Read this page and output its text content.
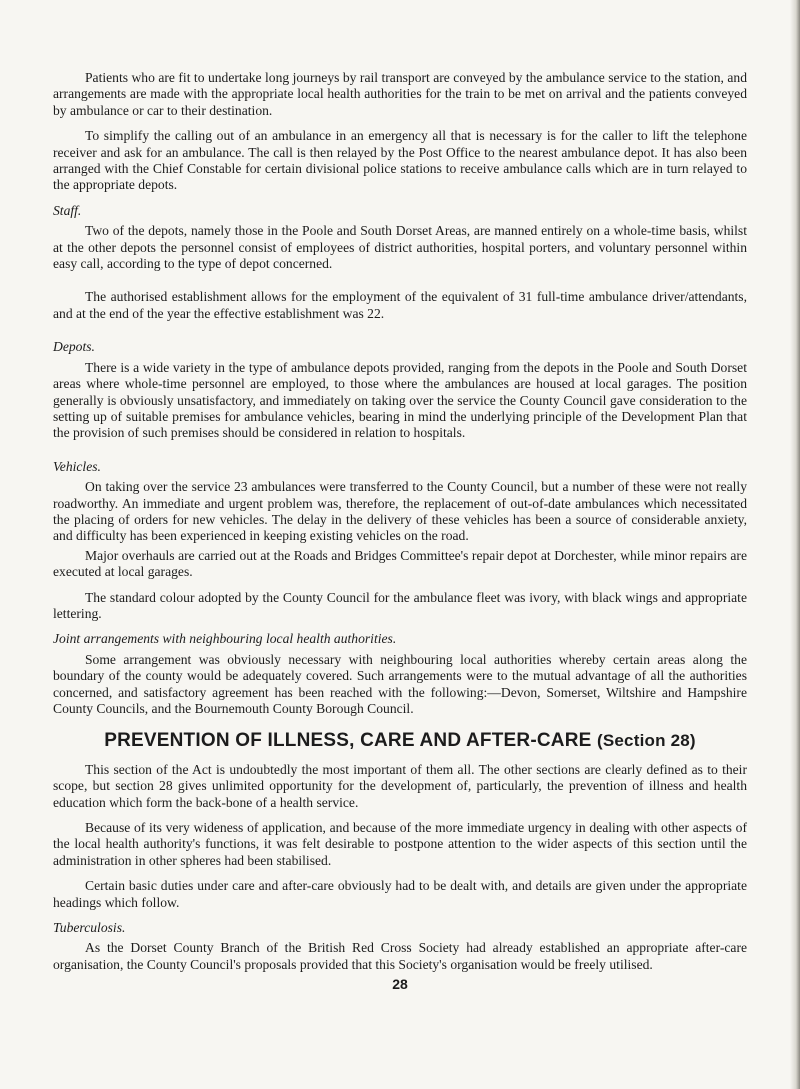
Patients who are fit to undertake long journeys by rail transport are conveyed by the ambulance service to the station, and arrangements are made with the appropriate local health authorities for the train to be met on arrival and the patients conveyed by ambulance or car to their destination.

To simplify the calling out of an ambulance in an emergency all that is necessary is for the caller to lift the telephone receiver and ask for an ambulance. The call is then relayed by the Post Office to the nearest ambulance depot. It has also been arranged with the Chief Constable for certain divisional police stations to receive ambulance calls which are in turn relayed to the appropriate depots.

Staff.

Two of the depots, namely those in the Poole and South Dorset Areas, are manned entirely on a whole-time basis, whilst at the other depots the personnel consist of employees of district authorities, hospital porters, and voluntary personnel within easy call, according to the type of depot concerned.

The authorised establishment allows for the employment of the equivalent of 31 full-time ambulance driver/attendants, and at the end of the year the effective establishment was 22.

Depots.

There is a wide variety in the type of ambulance depots provided, ranging from the depots in the Poole and South Dorset areas where whole-time personnel are employed, to those where the ambulances are housed at local garages. The position generally is obviously unsatisfactory, and immediately on taking over the service the County Council gave consideration to the setting up of suitable premises for ambulance vehicles, bearing in mind the underlying principle of the Development Plan that the provision of such premises should be considered in relation to hospitals.

Vehicles.

On taking over the service 23 ambulances were transferred to the County Council, but a number of these were not really roadworthy. An immediate and urgent problem was, therefore, the replacement of out-of-date ambulances which necessitated the placing of orders for new vehicles. The delay in the delivery of these vehicles has been a source of considerable anxiety, and difficulty has been experienced in keeping existing vehicles on the road.

Major overhauls are carried out at the Roads and Bridges Committee's repair depot at Dorchester, while minor repairs are executed at local garages.

The standard colour adopted by the County Council for the ambulance fleet was ivory, with black wings and appropriate lettering.

Joint arrangements with neighbouring local health authorities.

Some arrangement was obviously necessary with neighbouring local authorities whereby certain areas along the boundary of the county would be adequately covered. Such arrangements were to the mutual advantage of all the authorities concerned, and satisfactory agreement has been reached with the following:—Devon, Somerset, Wiltshire and Hampshire County Councils, and the Bournemouth County Borough Council.

PREVENTION OF ILLNESS, CARE AND AFTER-CARE (Section 28)

This section of the Act is undoubtedly the most important of them all. The other sections are clearly defined as to their scope, but section 28 gives unlimited opportunity for the development of, particularly, the prevention of illness and health education which form the back-bone of a health service.

Because of its very wideness of application, and because of the more immediate urgency in dealing with other aspects of the local health authority's functions, it was felt desirable to postpone attention to the wider aspects of this section until the administration in other spheres had been stabilised.

Certain basic duties under care and after-care obviously had to be dealt with, and details are given under the appropriate headings which follow.

Tuberculosis.

As the Dorset County Branch of the British Red Cross Society had already established an appropriate after-care organisation, the County Council's proposals provided that this Society's organisation would be freely utilised.

28
